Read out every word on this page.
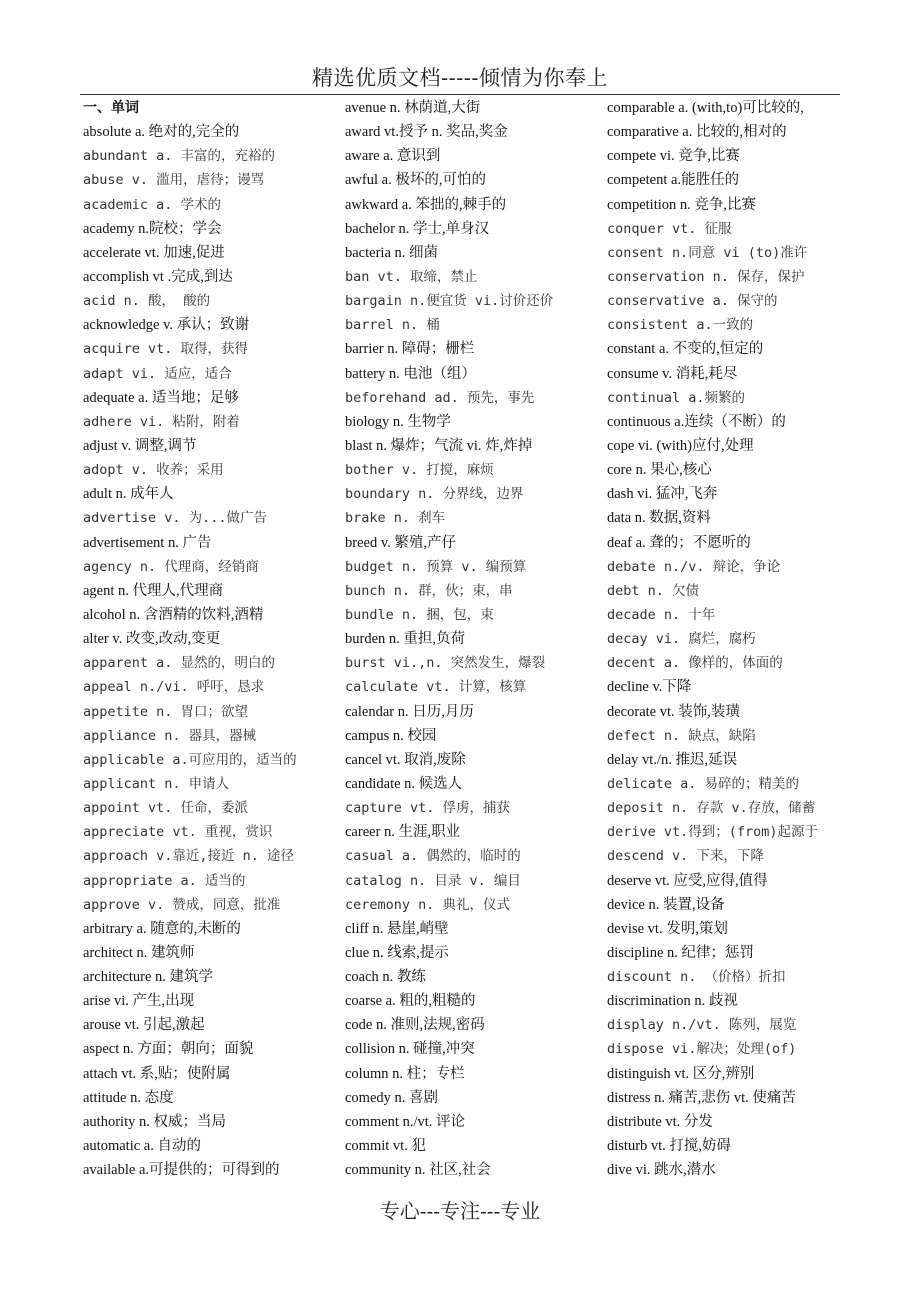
精选优质文档-----倾情为你奉上
一、单词
absolute a. 绝对的,完全的
abundant a. 丰富的，充裕的
abuse v. 滥用，虐待；谩骂
academic a. 学术的
academy n.院校；学会
accelerate vt. 加速,促进
accomplish vt .完成,到达
acid n. 酸， 酸的
acknowledge v. 承认；致谢
acquire vt. 取得，获得
adapt vi. 适应，适合
adequate a. 适当地；足够
adhere vi. 粘附，附着
adjust v. 调整,调节
adopt v. 收养；采用
adult n. 成年人
advertise v. 为...做广告
advertisement n. 广告
agency n. 代理商，经销商
agent n. 代理人,代理商
alcohol n. 含酒精的饮料,酒精
alter v. 改变,改动,变更
apparent a. 显然的，明白的
appeal n./vi. 呼吁，恳求
appetite n. 胃口；欲望
appliance n. 器具，器械
applicable a.可应用的，适当的
applicant n. 申请人
appoint vt. 任命，委派
appreciate vt. 重视，赏识
approach v.靠近,接近 n. 途径
appropriate a. 适当的
approve v. 赞成，同意，批准
arbitrary a. 随意的,未断的
architect n. 建筑师
architecture n. 建筑学
arise vi. 产生,出现
arouse vt. 引起,激起
aspect n. 方面；朝向；面貌
attach vt. 系,贴；使附属
attitude n. 态度
authority n. 权威；当局
automatic a. 自动的
available a.可提供的；可得到的
avenue n. 林荫道,大街
award vt.授予 n. 奖品,奖金
aware a. 意识到
awful a. 极坏的,可怕的
awkward a. 笨拙的,棘手的
bachelor n. 学士,单身汉
bacteria n. 细菌
ban vt. 取缔，禁止
bargain n.便宜货 vi.讨价还价
barrel n. 桶
barrier n. 障碍；栅栏
battery n. 电池（组）
beforehand ad. 预先，事先
biology n. 生物学
blast n. 爆炸；气流 vi. 炸,炸掉
bother v. 打搅，麻烦
boundary n. 分界线，边界
brake n. 刹车
breed v. 繁殖,产仔
budget n. 预算 v. 编预算
bunch n. 群，伙；束，串
bundle n. 捆，包，束
burden n. 重担,负荷
burst vi.,n. 突然发生，爆裂
calculate vt. 计算，核算
calendar n. 日历,月历
campus n. 校园
cancel vt. 取消,废除
candidate n. 候选人
capture vt. 俘虏，捕获
career n. 生涯,职业
casual a. 偶然的，临时的
catalog n. 目录 v. 编目
ceremony n. 典礼，仪式
cliff n. 悬崖,峭壁
clue n. 线索,提示
coach n. 教练
coarse a. 粗的,粗糙的
code n. 准则,法规,密码
collision n. 碰撞,冲突
column n. 柱；专栏
comedy n. 喜剧
comment n./vt. 评论
commit vt. 犯
community n. 社区,社会
comparable a. (with,to)可比较的,
comparative a. 比较的,相对的
compete vi. 竞争,比赛
competent a.能胜任的
competition n. 竞争,比赛
conquer vt. 征服
consent n.同意 vi (to)准许
conservation n. 保存，保护
conservative a. 保守的
consistent a.一致的
constant a. 不变的,恒定的
consume v. 消耗,耗尽
continual a.频繁的
continuous a.连续（不断）的
cope vi. (with)应付,处理
core n. 果心,核心
dash vi. 猛冲,飞奔
data n. 数据,资料
deaf a. 聋的；不愿听的
debate n./v. 辩论，争论
debt n. 欠债
decade n. 十年
decay vi. 腐烂，腐朽
decent a. 像样的，体面的
decline v.下降
decorate vt. 装饰,装璜
defect n. 缺点，缺陷
delay vt./n. 推迟,延误
delicate a. 易碎的；精美的
deposit n. 存款 v.存放，储蓄
derive vt.得到；(from)起源于
descend v. 下来，下降
deserve vt. 应受,应得,值得
device n. 装置,设备
devise vt. 发明,策划
discipline n. 纪律；惩罚
discount n. （价格）折扣
discrimination n. 歧视
display n./vt. 陈列，展览
dispose vi.解决；处理(of)
distinguish vt. 区分,辨别
distress n. 痛苦,悲伤 vt. 使痛苦
distribute vt. 分发
disturb vt. 打搅,妨碍
dive vi. 跳水,潜水
专心---专注---专业
